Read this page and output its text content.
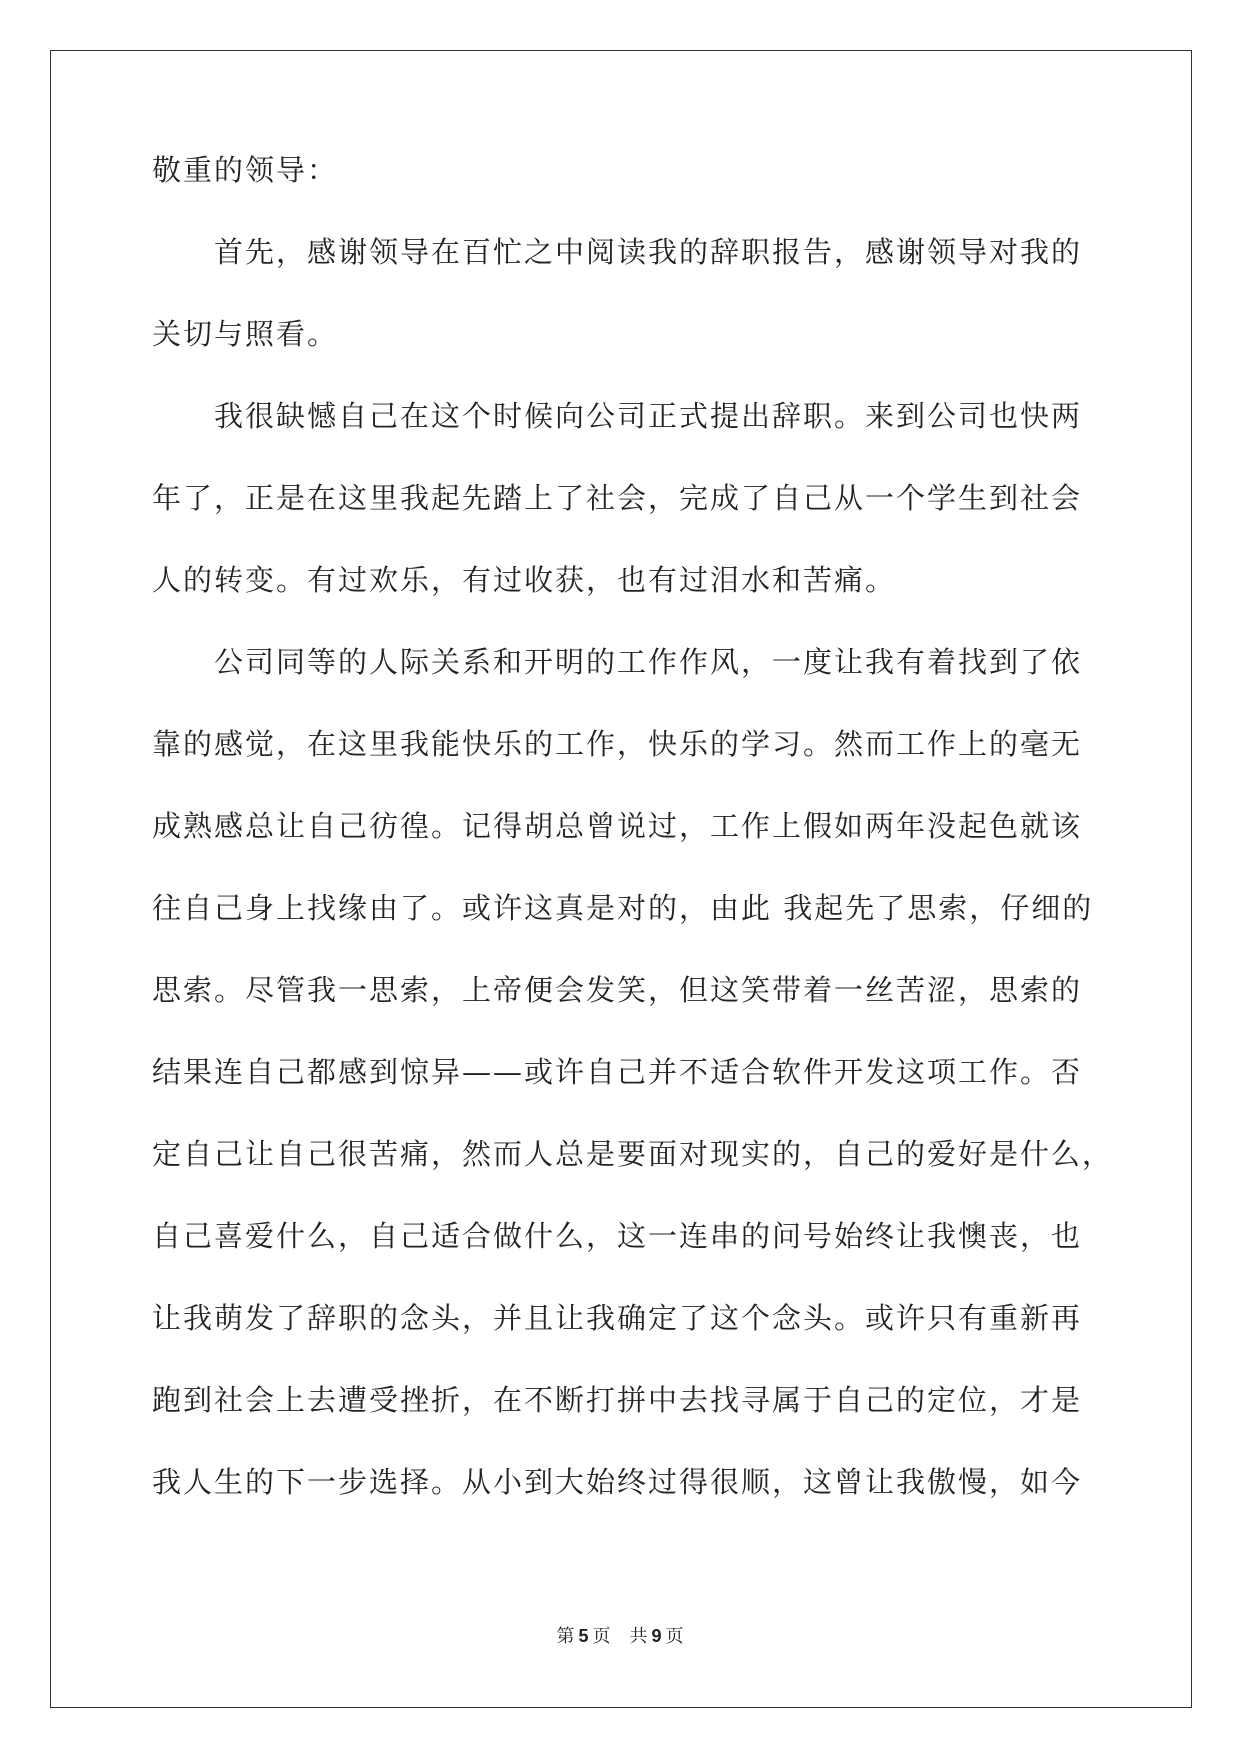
敬重的领导：

首先，感谢领导在百忙之中阅读我的辞职报告，感谢领导对我的
关切与照看。
我很缺憾自己在这个时候向公司正式提出辞职。来到公司也快两
年了，正是在这里我起先踏上了社会，完成了自己从一个学生到社会
人的转变。有过欢乐，有过收获，也有过泪水和苦痛。
公司同等的人际关系和开明的工作作风，一度让我有着找到了依
靠的感觉，在这里我能快乐的工作，快乐的学习。然而工作上的毫无
成熟感总让自己彷徨。记得胡总曾说过，工作上假如两年没起色就该
往自己身上找缘由了。或许这真是对的，由此 我起先了思索，仔细的
思索。尽管我一思索，上帝便会发笑，但这笑带着一丝苦涩，思索的
结果连自己都感到惊异——或许自己并不适合软件开发这项工作。否
定自己让自己很苦痛，然而人总是要面对现实的，自己的爱好是什么，
自己喜爱什么，自己适合做什么，这一连串的问号始终让我懊丧，也
让我萌发了辞职的念头，并且让我确定了这个念头。或许只有重新再
跑到社会上去遭受挫折，在不断打拼中去找寻属于自己的定位，才是
我人生的下一步选择。从小到大始终过得很顺，这曾让我傲慢，如今
第 5 页 共 9 页
